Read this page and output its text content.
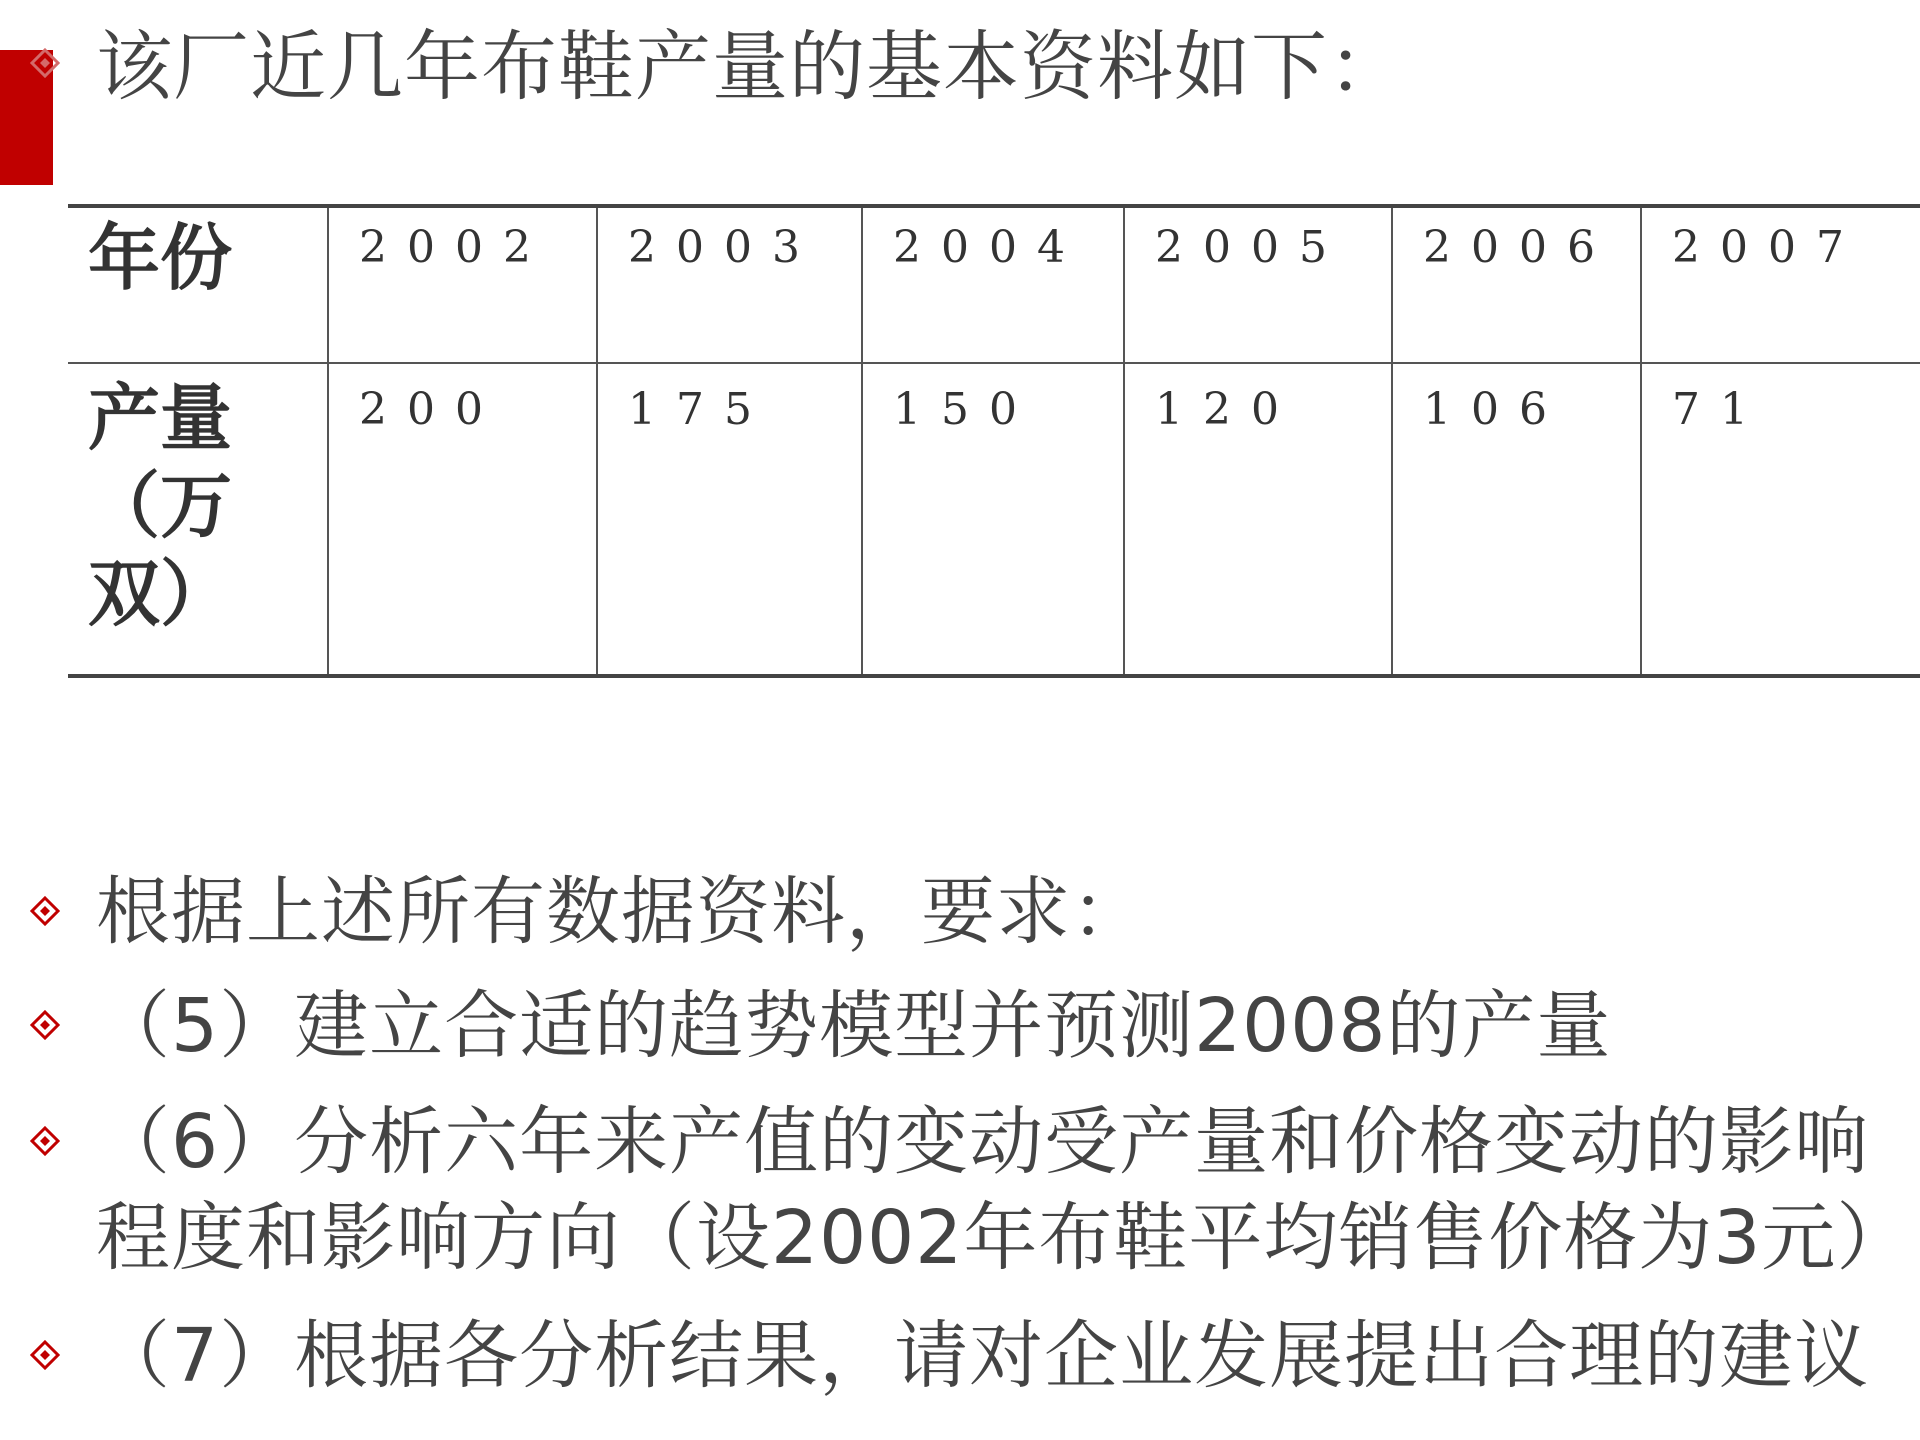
该厂近几年布鞋产量的基本资料如下：
年份	2002	2003	2004	2005	2006	2007

产量
（万
双）	200	175	150	120	106	71
根据上述所有数据资料，要求：
（5）建立合适的趋势模型并预测2008的产量
（6）分析六年来产值的变动受产量和价格变动的影响
程度和影响方向（设2002年布鞋平均销售价格为3元）
（7）根据各分析结果，请对企业发展提出合理的建议
